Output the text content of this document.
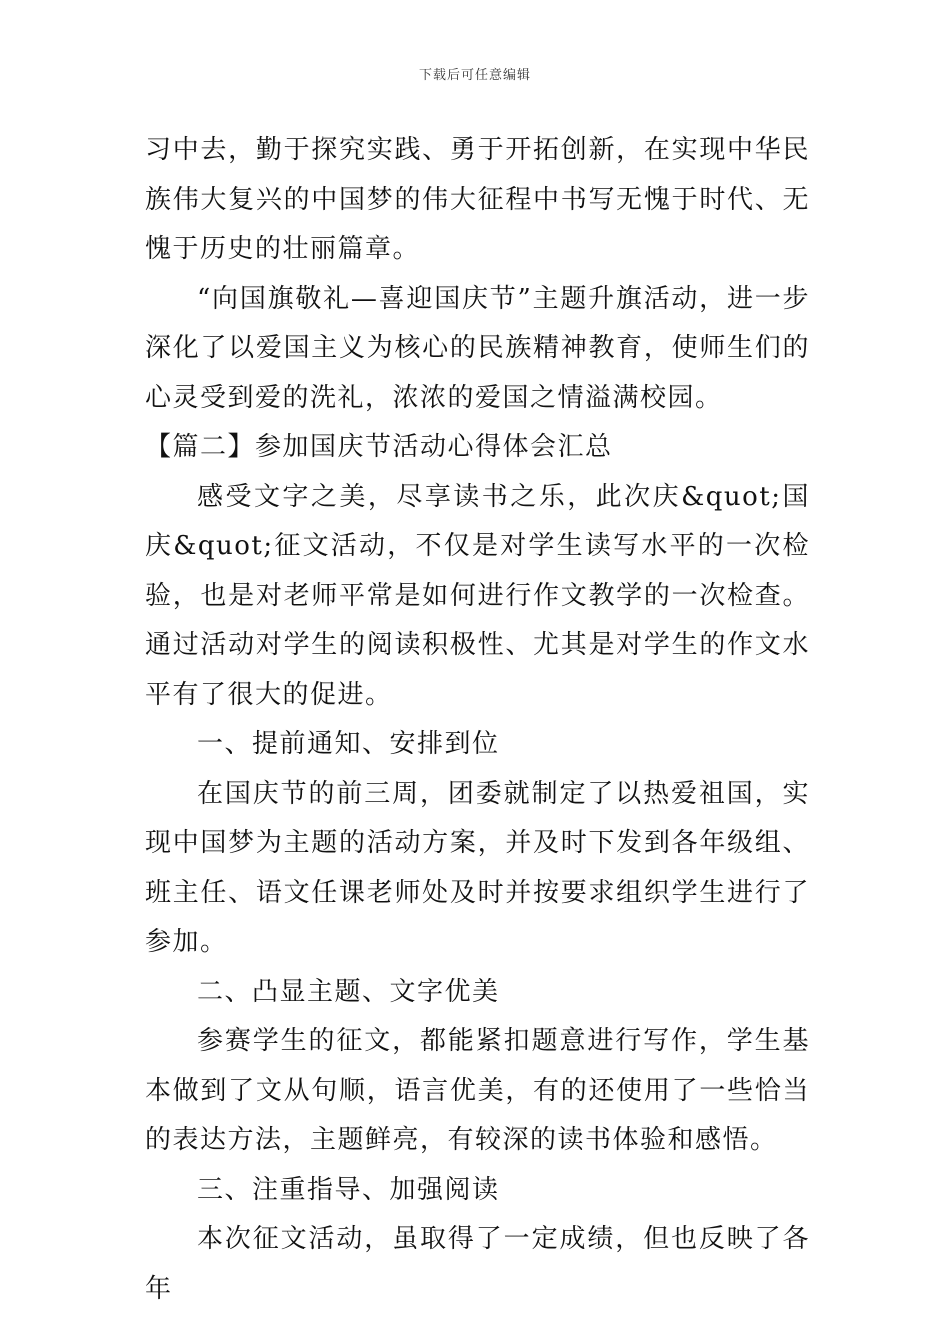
下载后可任意编辑

习中去，勤于探究实践、勇于开拓创新，在实现中华民族伟大复兴的中国梦的伟大征程中书写无愧于时代、无愧于历史的壮丽篇章。

“向国旗敬礼—喜迎国庆节”主题升旗活动，进一步深化了以爱国主义为核心的民族精神教育，使师生们的心灵受到爱的洗礼，浓浓的爱国之情溢满校园。

【篇二】参加国庆节活动心得体会汇总

感受文字之美，尽享读书之乐，此次庆&quot;国庆&quot;征文活动，不仅是对学生读写水平的一次检验，也是对老师平常是如何进行作文教学的一次检查。通过活动对学生的阅读积极性、尤其是对学生的作文水平有了很大的促进。

一、提前通知、安排到位

在国庆节的前三周，团委就制定了以热爱祖国，实现中国梦为主题的活动方案，并及时下发到各年级组、班主任、语文任课老师处及时并按要求组织学生进行了参加。

二、凸显主题、文字优美

参赛学生的征文，都能紧扣题意进行写作，学生基本做到了文从句顺，语言优美，有的还使用了一些恰当的表达方法，主题鲜亮，有较深的读书体验和感悟。

三、注重指导、加强阅读

本次征文活动，虽取得了一定成绩，但也反映了各年
